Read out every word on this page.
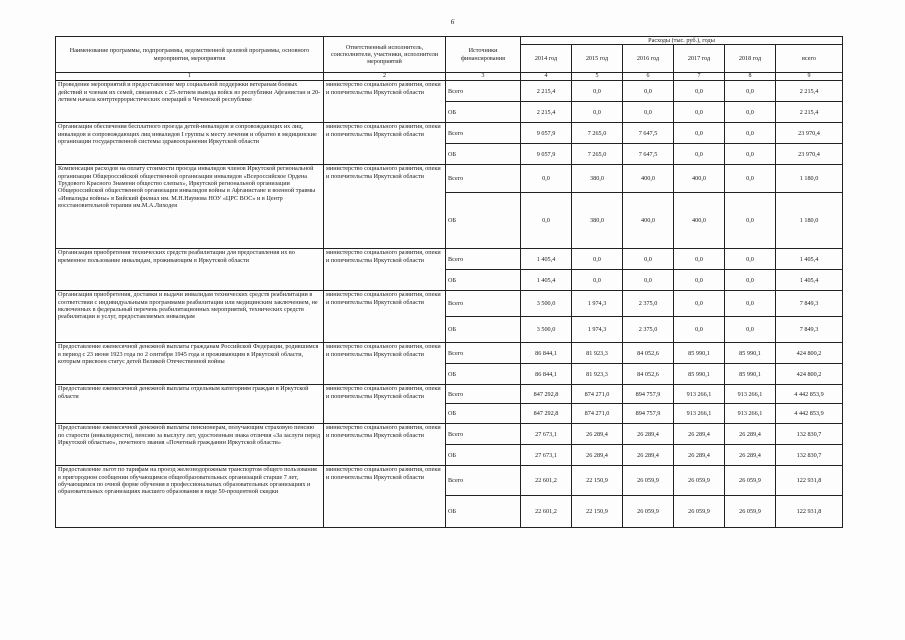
6
Наименование программы, подпрограммы, ведомственной целевой программы, основного мероприятия, мероприятия	Ответственный исполнитель, соисполнители, участники, исполнители мероприятий	Источники финансирования	Расходы (тыс. руб.), годы					
			2014 год	2015 год	2016 год	2017 год	2018 год	всего
1	2	3	4	5	6	7	8	9
Проведение мероприятий и предоставление мер социальной поддержки ветеранам боевых действий и членам их семей, связанных с 25-летием вывода войск из республики Афганистан и 20-летием начала контртеррористических операций в Чеченской республике	министерство социального развития, опеки и попечительства Иркутской области	Всего	2 215,4	0,0	0,0	0,0	0,0	2 215,4
		ОБ	2 215,4	0,0	0,0	0,0	0,0	2 215,4
Организация обеспечения бесплатного проезда детей-инвалидов и сопровождающих их лиц, инвалидов и сопровождающих лиц инвалидов I группы к месту лечения и обратно в медицинские организации государственной системы здравоохранения Иркутской области	министерство социального развития, опеки и попечительства Иркутской области	Всего	9 057,9	7 265,0	7 647,5	0,0	0,0	23 970,4
		ОБ	9 057,9	7 265,0	7 647,5	0,0	0,0	23 970,4
Компенсация расходов на оплату стоимости проезда инвалидов членов Иркутской региональной организации Общероссийской общественной организации инвалидов «Всероссийское Ордена Трудового Красного Знамени общество слепых», Иркутской региональной организации Общероссийской общественной организации инвалидов войны в Афганистане и военной травмы «Инвалиды войны» в Бийский филиал им. М.Н.Наумова НОУ «ЦРС ВОС» и в Центр восстановительной терапии им.М.А.Лиходея	министерство социального развития, опеки и попечительства Иркутской области	Всего	0,0	380,0	400,0	400,0	0,0	1 180,0
		ОБ	0,0	380,0	400,0	400,0	0,0	1 180,0
Организация приобретения технических средств реабилитации для предоставления их во временное пользование инвалидам, проживающим в Иркутской области	министерство социального развития, опеки и попечительства Иркутской области	Всего	1 405,4	0,0	0,0	0,0	0,0	1 405,4
		ОБ	1 405,4	0,0	0,0	0,0	0,0	1 405,4
Организация приобретения, доставки и выдачи инвалидам технических средств реабилитации в соответствии с индивидуальными программами реабилитации или медицинским заключением, не включенных в федеральный перечень реабилитационных мероприятий, технических средств реабилитации и услуг, предоставляемых инвалидам	министерство социального развития, опеки и попечительства Иркутской области	Всего	3 500,0	1 974,3	2 375,0	0,0	0,0	7 849,3
		ОБ	3 500,0	1 974,3	2 375,0	0,0	0,0	7 849,3
Предоставление ежемесячной денежной выплаты гражданам Российской Федерации, родившимся в период с 23 июня 1923 года по 2 сентября 1945 года и проживающим в Иркутской области, которым присвоен статус детей Великой Отечественной войны	министерство социального развития, опеки и попечительства Иркутской области	Всего	86 844,1	81 923,3	84 052,6	85 990,1	85 990,1	424 800,2
		ОБ	86 844,1	81 923,3	84 052,6	85 990,1	85 990,1	424 800,2
Предоставление ежемесячной денежной выплаты отдельным категориям граждан в Иркутской области	министерство социального развития, опеки и попечительства Иркутской области	Всего	847 292,8	874 271,0	894 757,9	913 266,1	913 266,1	4 442 853,9
		ОБ	847 292,8	874 271,0	894 757,9	913 266,1	913 266,1	4 442 853,9
Предоставление ежемесячной денежной выплаты пенсионерам, получающим страховую пенсию по старости (инвалидности), пенсию за выслугу лет, удостоенным знака отличия «За заслуги перед Иркутской областью», почетного звания «Почетный гражданин Иркутской области»	министерство социального развития, опеки и попечительства Иркутской области	Всего	27 673,1	26 289,4	26 289,4	26 289,4	26 289,4	132 830,7
		ОБ	27 673,1	26 289,4	26 289,4	26 289,4	26 289,4	132 830,7
Предоставление льгот по тарифам на проезд железнодорожным транспортом общего пользования в пригородном сообщении обучающимся общеобразовательных организаций старше 7 лет, обучающимся по очной форме обучения в профессиональных образовательных организациях и образовательных организациях высшего образования в виде 50-процентной скидки	министерство социального развития, опеки и попечительства Иркутской области	Всего	22 601,2	22 150,9	26 059,9	26 059,9	26 059,9	122 931,8
		ОБ	22 601,2	22 150,9	26 059,9	26 059,9	26 059,9	122 931,8
